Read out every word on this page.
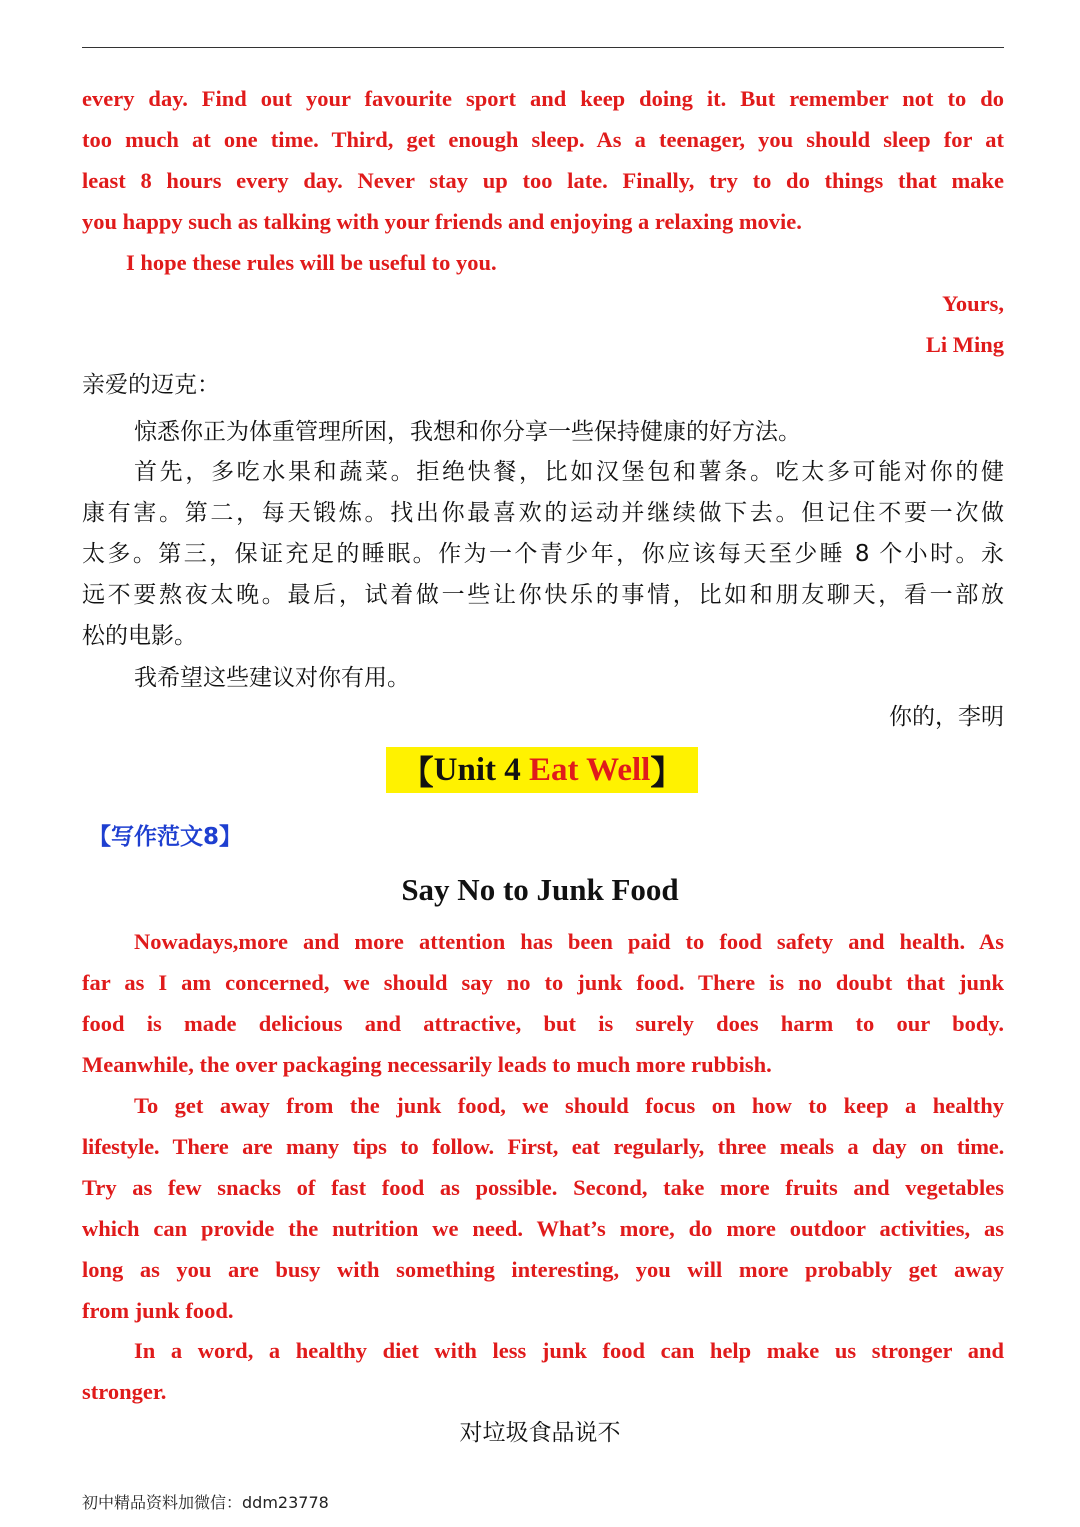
every day. Find out your favourite sport and keep doing it. But remember not to do
too much at one time. Third, get enough sleep. As a teenager, you should sleep for at
least 8 hours every day. Never stay up too late. Finally, try to do things that make
you happy such as talking with your friends and enjoying a relaxing movie.

I hope these rules will be useful to you.

Yours,

Li Ming

亲爱的迈克：

惊悉你正为体重管理所困，我想和你分享一些保持健康的好方法。

首先，多吃水果和蔬菜。拒绝快餐，比如汉堡包和薯条。吃太多可能对你的健
康有害。第二，每天锻炼。找出你最喜欢的运动并继续做下去。但记住不要一次做
太多。第三，保证充足的睡眠。作为一个青少年，你应该每天至少睡 8 个小时。永
远不要熬夜太晚。最后，试着做一些让你快乐的事情，比如和朋友聊天，看一部放
松的电影。

我希望这些建议对你有用。

你的，李明

【 Unit 4 Eat Well 】
【写作范文8】
Say No to Junk Food

Nowadays,more and more attention has been paid to food safety and health. As
far as I am concerned, we should say no to junk food. There is no doubt that junk
food is made delicious and attractive, but is surely does harm to our body.
Meanwhile, the over packaging necessarily leads to much more rubbish.

To get away from the junk food, we should focus on how to keep a healthy
lifestyle. There are many tips to follow. First, eat regularly, three meals a day on time.
Try as few snacks of fast food as possible. Second, take more fruits and vegetables
which can provide the nutrition we need. What’s more, do more outdoor activities, as
long as you are busy with something interesting, you will more probably get away
from junk food.

In a word, a healthy diet with less junk food can help make us stronger and
stronger.

对垃圾食品说不
初中精品资料加微信：ddm23778
